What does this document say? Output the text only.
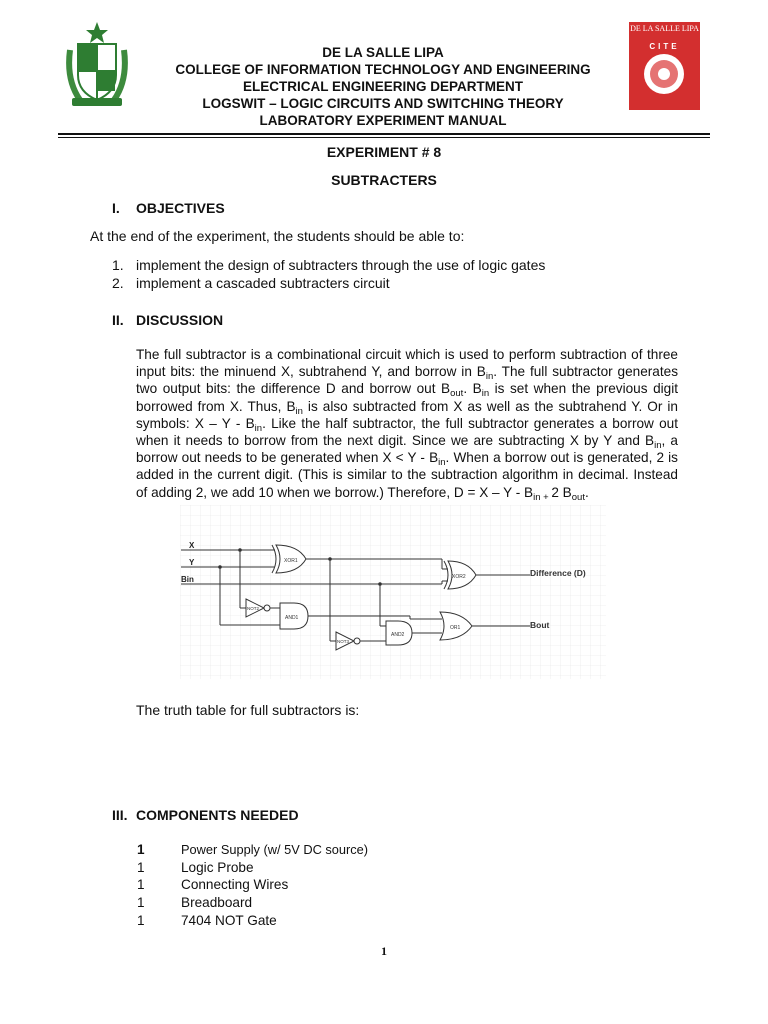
DE LA SALLE LIPA
COLLEGE OF INFORMATION TECHNOLOGY AND ENGINEERING
ELECTRICAL ENGINEERING DEPARTMENT
LOGSWIT – LOGIC CIRCUITS AND SWITCHING THEORY
LABORATORY EXPERIMENT MANUAL
DE LA SALLE LIPA
CITE
EXPERIMENT # 8
SUBTRACTERS
I. OBJECTIVES
At the end of the experiment, the students should be able to:
1. implement the design of subtracters through the use of logic gates
2. implement a cascaded subtracters circuit
II. DISCUSSION
The full subtractor is a combinational circuit which is used to perform subtraction of three input bits: the minuend X, subtrahend Y, and borrow in $B_{in}$. The full subtractor generates two output bits: the difference D and borrow out $B_{out}$. $B_{in}$ is set when the previous digit borrowed from X. Thus, $B_{in}$ is also subtracted from X as well as the subtrahend Y. Or in symbols: X – Y - $B_{in}$. Like the half subtractor, the full subtractor generates a borrow out when it needs to borrow from the next digit. Since we are subtracting X by Y and $B_{in}$, a borrow out needs to be generated when $X < Y - B_{in}$. When a borrow out is generated, 2 is added in the current digit. (This is similar to the subtraction algorithm in decimal. Instead of adding 2, we add 10 when we borrow.) Therefore, $D = X - Y - B_{in +}$ 2 $B_{out}$.
X
Y
Bin
XOR1
XOR2
NOT2
AND1
NOT3
AND2
OR1
Difference (D)
Bout
The truth table for full subtractors is:
III. COMPONENTS NEEDED
1	Power Supply (w/ 5V DC source)
1	Logic Probe
1	Connecting Wires
1	Breadboard
1	7404 NOT Gate
1
